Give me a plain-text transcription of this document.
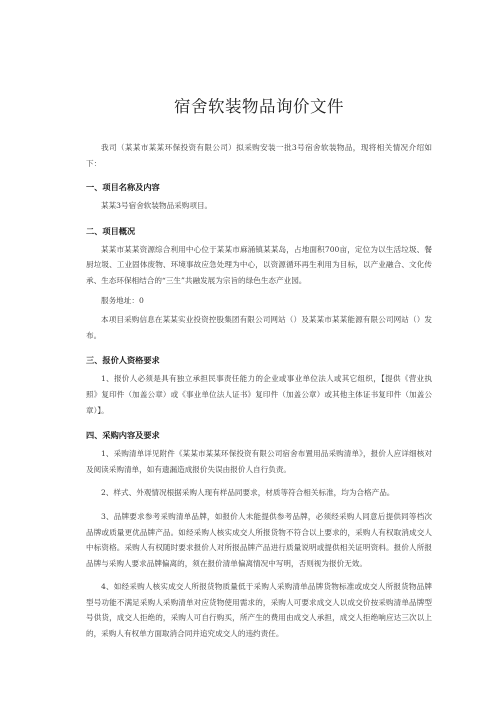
宿舍软装物品询价文件

我司（某某市某某环保投资有限公司）拟采购安装一批3号宿舍软装物品，现将相关情况介绍如下：

一、项目名称及内容

某某3号宿舍软装物品采购项目。

二、项目概况

某某市某某资源综合利用中心位于某某市麻涌镇某某岛，占地面积700亩，定位为以生活垃圾、餐厨垃圾、工业固体废物、环境事故应急处理为中心，以资源循环再生利用为目标，以产业融合、文化传承、生态环保相结合的“三生”共融发展为宗旨的绿色生态产业园。

服务地址：0

本项目采购信息在某某实业投资控股集团有限公司网站（）及某某市某某能源有限公司网站（）发布。

三、报价人资格要求

1、报价人必须是具有独立承担民事责任能力的企业或事业单位法人或其它组织，【提供《营业执照》复印件（加盖公章）或《事业单位法人证书》复印件（加盖公章）或其他主体证书复印件（加盖公章）】。

四、采购内容及要求

1、采购清单详见附件《某某市某某环保投资有限公司宿舍布置用品采购清单》，报价人应详细核对及阅读采购清单，如有遗漏造成报价失误由报价人自行负责。

2、样式、外观情况根据采购人现有样品同要求，材质等符合相关标准，均为合格产品。

3、品牌要求参考采购清单品牌，如报价人未能提供参考品牌，必须经采购人同意后提供同等档次品牌或质量更优品牌产品。如经采购人核实成交人所报货物不符合以上要求的，采购人有权取消成交人中标资格。采购人有权随时要求报价人对所报品牌产品进行质量说明或提供相关证明资料。报价人所报品牌与采购人要求品牌偏离的，须在报价清单偏离情况中写明，否则视为报价无效。

4、如经采购人核实成交人所报货物质量低于采购人采购清单品牌货物标准或成交人所报货物品牌型号功能不满足采购人采购清单对应货物使用需求的，采购人可要求成交人以成交价按采购清单品牌型号供货，成交人拒绝的，采购人可自行购买，所产生的费用由成交人承担，成交人拒绝响应达三次以上的，采购人有权单方面取消合同并追究成交人的违约责任。
